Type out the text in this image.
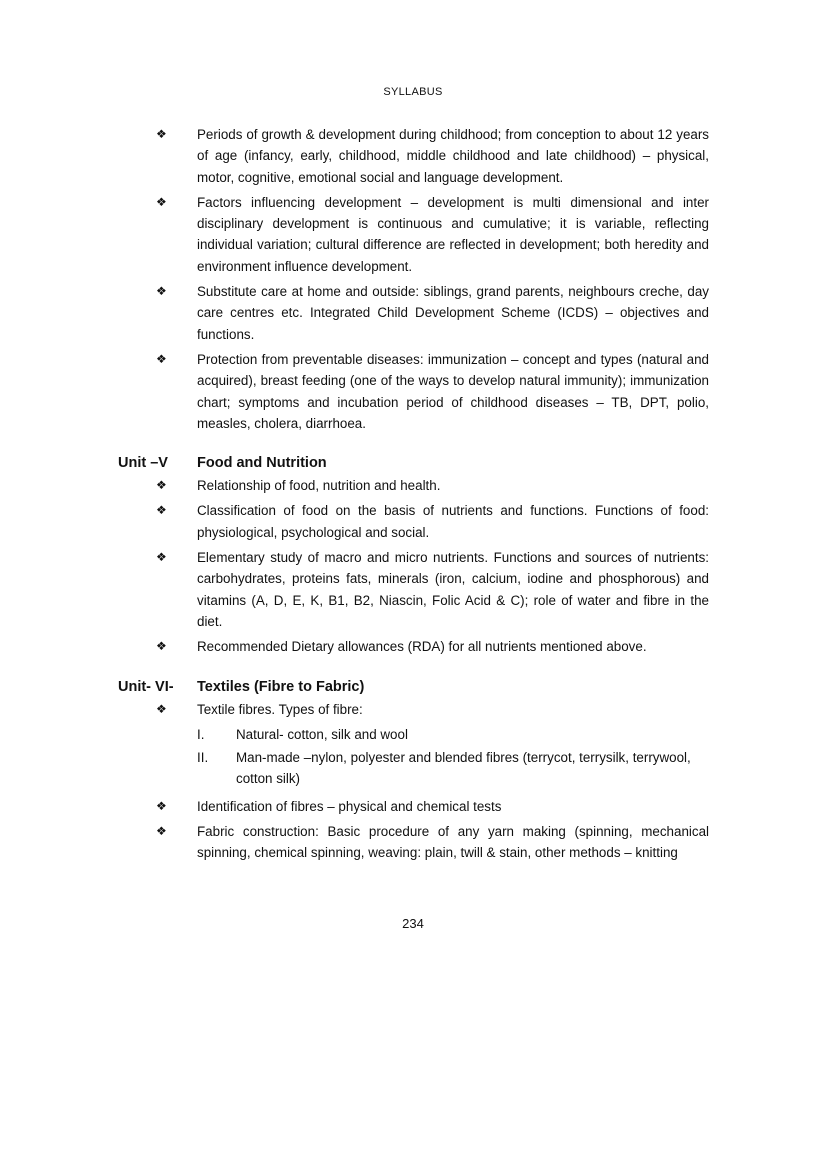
SYLLABUS
❖ Periods of growth & development during childhood; from conception to about 12 years of age (infancy, early, childhood, middle childhood and late childhood) – physical, motor, cognitive, emotional social and language development.
❖ Factors influencing development – development is multi dimensional and inter disciplinary development is continuous and cumulative; it is variable, reflecting individual variation; cultural difference are reflected in development; both heredity and environment influence development.
❖ Substitute care at home and outside: siblings, grand parents, neighbours creche, day care centres etc. Integrated Child Development Scheme (ICDS) – objectives and functions.
❖ Protection from preventable diseases: immunization – concept and types (natural and acquired), breast feeding (one of the ways to develop natural immunity); immunization chart; symptoms and incubation period of childhood diseases – TB, DPT, polio, measles, cholera, diarrhoea.
Unit –V Food and Nutrition
❖ Relationship of food, nutrition and health.
❖ Classification of food on the basis of nutrients and functions. Functions of food: physiological, psychological and social.
❖ Elementary study of macro and micro nutrients. Functions and sources of nutrients: carbohydrates, proteins fats, minerals (iron, calcium, iodine and phosphorous) and vitamins (A, D, E, K, B1, B2, Niascin, Folic Acid & C); role of water and fibre in the diet.
❖ Recommended Dietary allowances (RDA) for all nutrients mentioned above.
Unit- VI- Textiles (Fibre to Fabric)
❖ Textile fibres. Types of fibre:
I. Natural- cotton, silk and wool
II. Man-made –nylon, polyester and blended fibres (terrycot, terrysilk, terrywool, cotton silk)
❖ Identification of fibres – physical and chemical tests
❖ Fabric construction: Basic procedure of any yarn making (spinning, mechanical spinning, chemical spinning, weaving: plain, twill & stain, other methods – knitting
234
